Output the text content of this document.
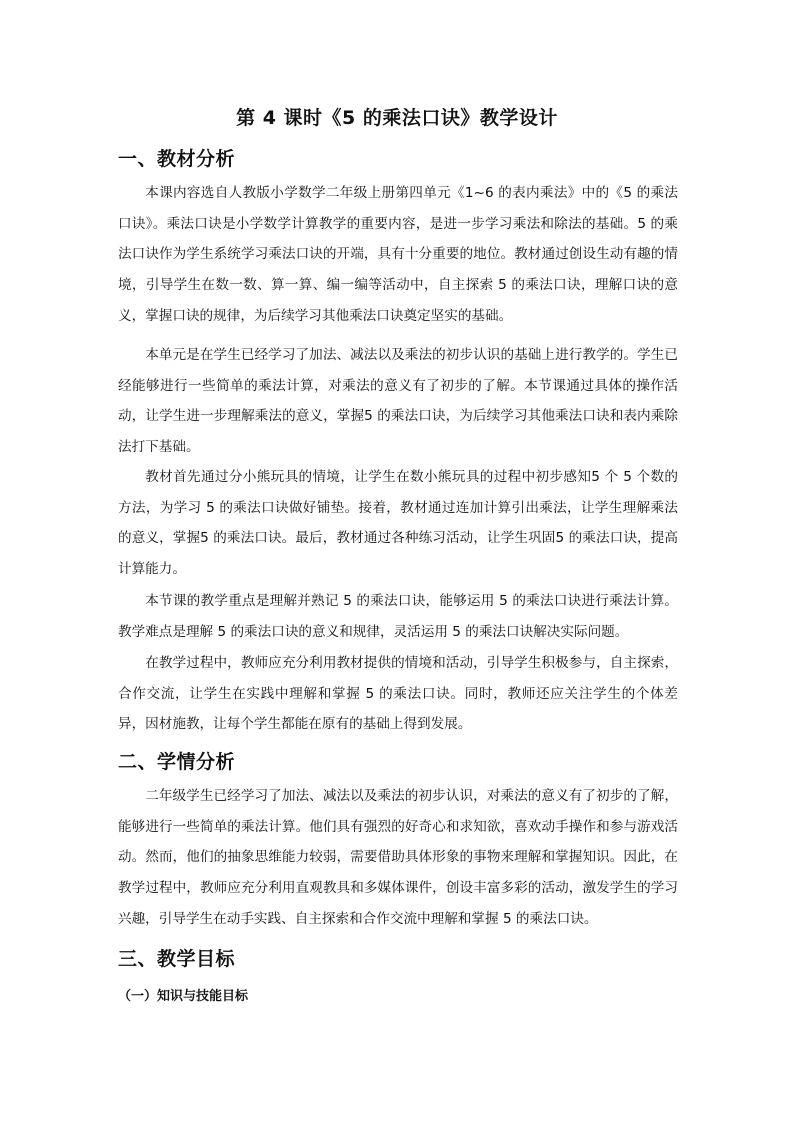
第 4 课时《5 的乘法口诀》教学设计
一、教材分析

本课内容选自人教版小学数学二年级上册第四单元《1~6 的表内乘法》中的《5 的乘法口诀》。乘法口诀是小学数学计算教学的重要内容，是进一步学习乘法和除法的基础。5 的乘法口诀作为学生系统学习乘法口诀的开端，具有十分重要的地位。教材通过创设生动有趣的情境，引导学生在数一数、算一算、编一编等活动中，自主探索 5 的乘法口诀，理解口诀的意义，掌握口诀的规律，为后续学习其他乘法口诀奠定坚实的基础。

本单元是在学生已经学习了加法、减法以及乘法的初步认识的基础上进行教学的。学生已经能够进行一些简单的乘法计算，对乘法的意义有了初步的了解。本节课通过具体的操作活动，让学生进一步理解乘法的意义，掌握5 的乘法口诀，为后续学习其他乘法口诀和表内乘除法打下基础。

教材首先通过分小熊玩具的情境，让学生在数小熊玩具的过程中初步感知5 个 5 个数的方法，为学习 5 的乘法口诀做好铺垫。接着，教材通过连加计算引出乘法，让学生理解乘法的意义，掌握5 的乘法口诀。最后，教材通过各种练习活动，让学生巩固5 的乘法口诀，提高计算能力。

本节课的教学重点是理解并熟记 5 的乘法口诀，能够运用 5 的乘法口诀进行乘法计算。教学难点是理解 5 的乘法口诀的意义和规律，灵活运用 5 的乘法口诀解决实际问题。

在教学过程中，教师应充分利用教材提供的情境和活动，引导学生积极参与，自主探索，合作交流，让学生在实践中理解和掌握 5 的乘法口诀。同时，教师还应关注学生的个体差异，因材施教，让每个学生都能在原有的基础上得到发展。

二、学情分析

二年级学生已经学习了加法、减法以及乘法的初步认识，对乘法的意义有了初步的了解，能够进行一些简单的乘法计算。他们具有强烈的好奇心和求知欲，喜欢动手操作和参与游戏活动。然而，他们的抽象思维能力较弱，需要借助具体形象的事物来理解和掌握知识。因此，在教学过程中，教师应充分利用直观教具和多媒体课件，创设丰富多彩的活动，激发学生的学习兴趣，引导学生在动手实践、自主探索和合作交流中理解和掌握 5 的乘法口诀。

三、教学目标
（一）知识与技能目标
